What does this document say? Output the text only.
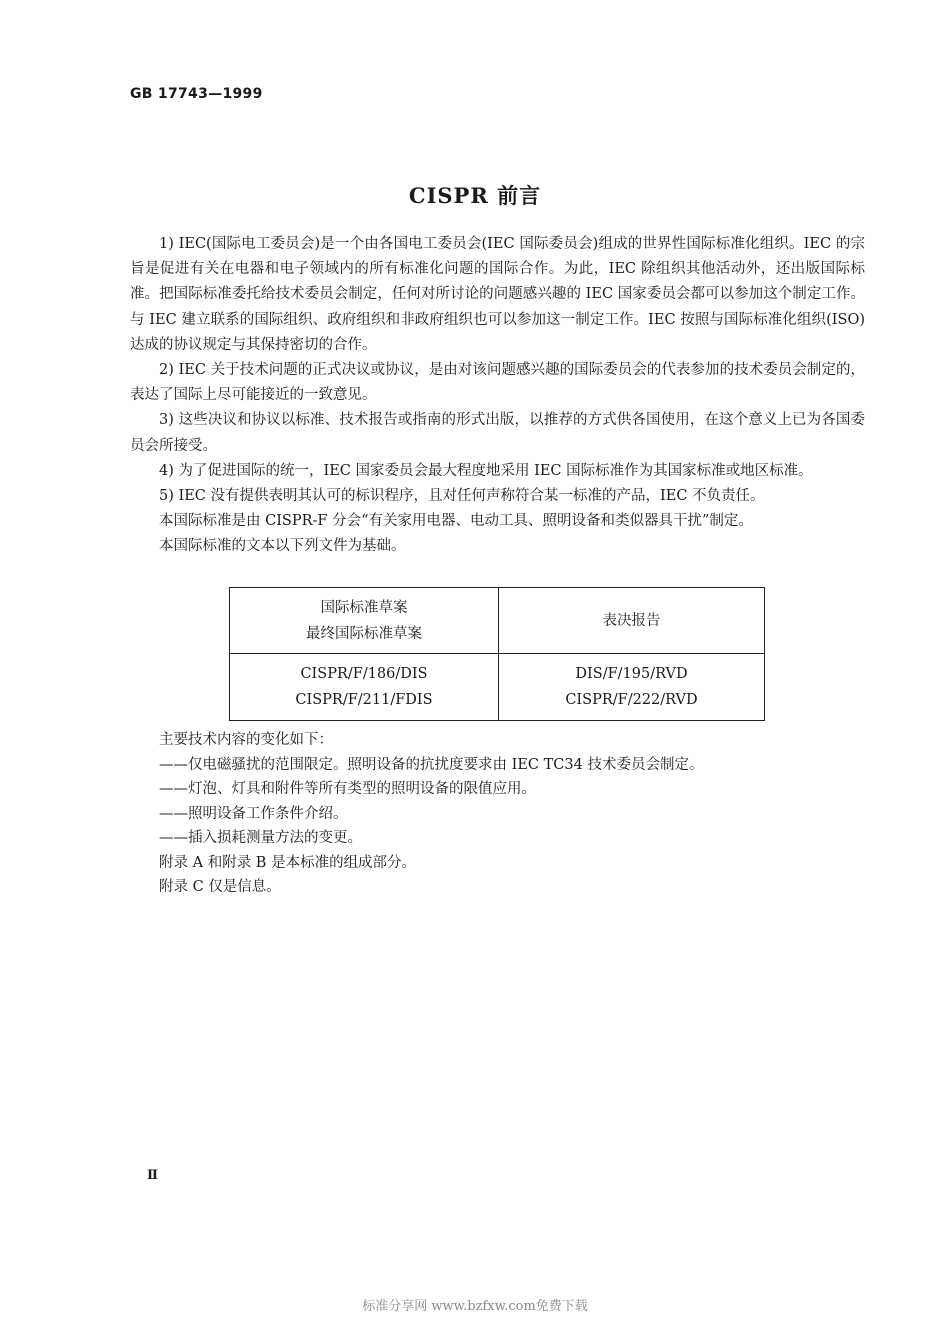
GB 17743—1999
CISPR 前言

1) IEC(国际电工委员会)是一个由各国电工委员会(IEC 国际委员会)组成的世界性国际标准化组织。IEC 的宗旨是促进有关在电器和电子领域内的所有标准化问题的国际合作。为此，IEC 除组织其他活动外，还出版国际标准。把国际标准委托给技术委员会制定，任何对所讨论的问题感兴趣的 IEC 国家委员会都可以参加这个制定工作。与 IEC 建立联系的国际组织、政府组织和非政府组织也可以参加这一制定工作。IEC 按照与国际标准化组织(ISO)达成的协议规定与其保持密切的合作。

2) IEC 关于技术问题的正式决议或协议，是由对该问题感兴趣的国际委员会的代表参加的技术委员会制定的，表达了国际上尽可能接近的一致意见。

3) 这些决议和协议以标准、技术报告或指南的形式出版，以推荐的方式供各国使用，在这个意义上已为各国委员会所接受。

4) 为了促进国际的统一，IEC 国家委员会最大程度地采用 IEC 国际标准作为其国家标准或地区标准。

5) IEC 没有提供表明其认可的标识程序，且对任何声称符合某一标准的产品，IEC 不负责任。

本国际标准是由 CISPR-F 分会“有关家用电器、电动工具、照明设备和类似器具干扰”制定。

本国际标准的文本以下列文件为基础。

国际标准草案
最终国际标准草案
表决报告
CISPR/F/186/DIS
CISPR/F/211/FDIS
DIS/F/195/RVD
CISPR/F/222/RVD

主要技术内容的变化如下：

——仅电磁骚扰的范围限定。照明设备的抗扰度要求由 IEC TC34 技术委员会制定。

——灯泡、灯具和附件等所有类型的照明设备的限值应用。

——照明设备工作条件介绍。

——插入损耗测量方法的变更。

附录 A 和附录 B 是本标准的组成部分。

附录 C 仅是信息。

Ⅱ
标准分享网 www.bzfxw.com免费下载
